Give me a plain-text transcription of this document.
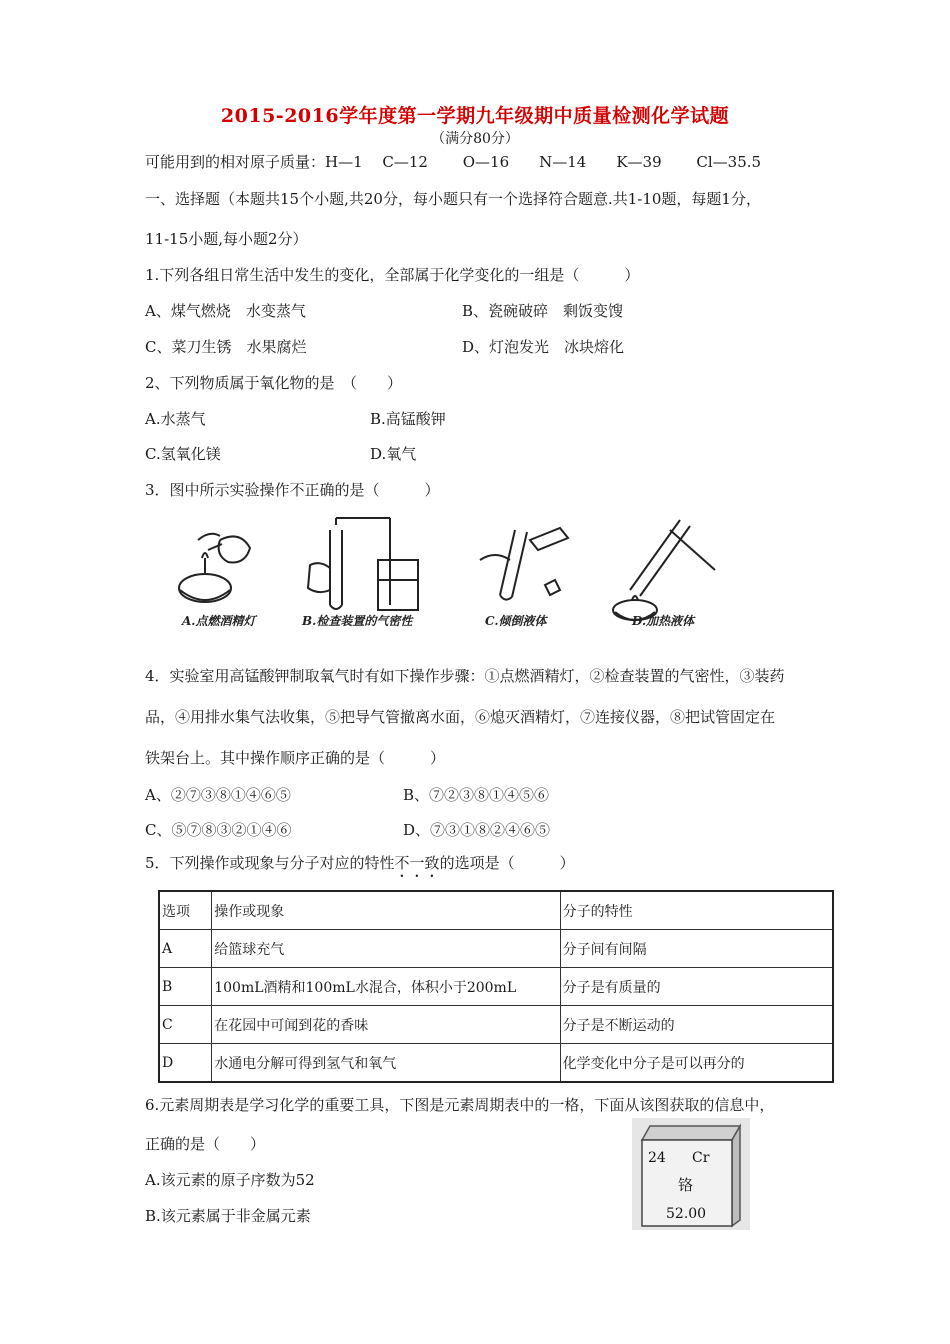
2015-2016学年度第一学期九年级期中质量检测化学试题
（满分80分）
可能用到的相对原子质量：H—1　 C—12　　 O—16　　N—14　　K—39　　 Cl—35.5
一、选择题（本题共15个小题,共20分，每小题只有一个选择符合题意.共1-10题，每题1分，
11-15小题,每小题2分）
1.下列各组日常生活中发生的变化，全部属于化学变化的一组是（　　　）
A、煤气燃烧　水变蒸气	B、瓷碗破碎　剩饭变馊
C、菜刀生锈　水果腐烂	D、灯泡发光　冰块熔化
2、下列物质属于氧化物的是　（　　）
A.水蒸气	B.高锰酸钾
C.氢氧化镁	D.氧气
3．图中所示实验操作不正确的是（　　　）
A.点燃酒精灯	B.检查装置的气密性	C.倾倒液体	D.加热液体
4．实验室用高锰酸钾制取氧气时有如下操作步骤：①点燃酒精灯，②检查装置的气密性，③装药
品，④用排水集气法收集，⑤把导气管撤离水面，⑥熄灭酒精灯，⑦连接仪器，⑧把试管固定在
铁架台上。其中操作顺序正确的是（　　　）
A、②⑦③⑧①④⑥⑤	B、⑦②③⑧①④⑤⑥
C、⑤⑦⑧③②①④⑥	D、⑦③①⑧②④⑥⑤
5．下列操作或现象与分子对应的特性不一致的选项是（　　　）
选项	操作或现象	分子的特性
A	给篮球充气	分子间有间隔
B	100mL酒精和100mL水混合，体积小于200mL	分子是有质量的
C	在花园中可闻到花的香味	分子是不断运动的
D	水通电分解可得到氢气和氧气	化学变化中分子是可以再分的
6.元素周期表是学习化学的重要工具，下图是元素周期表中的一格，下面从该图获取的信息中，
正确的是（　　）
A.该元素的原子序数为52
B.该元素属于非金属元素
24 Cr
铬
52.00
